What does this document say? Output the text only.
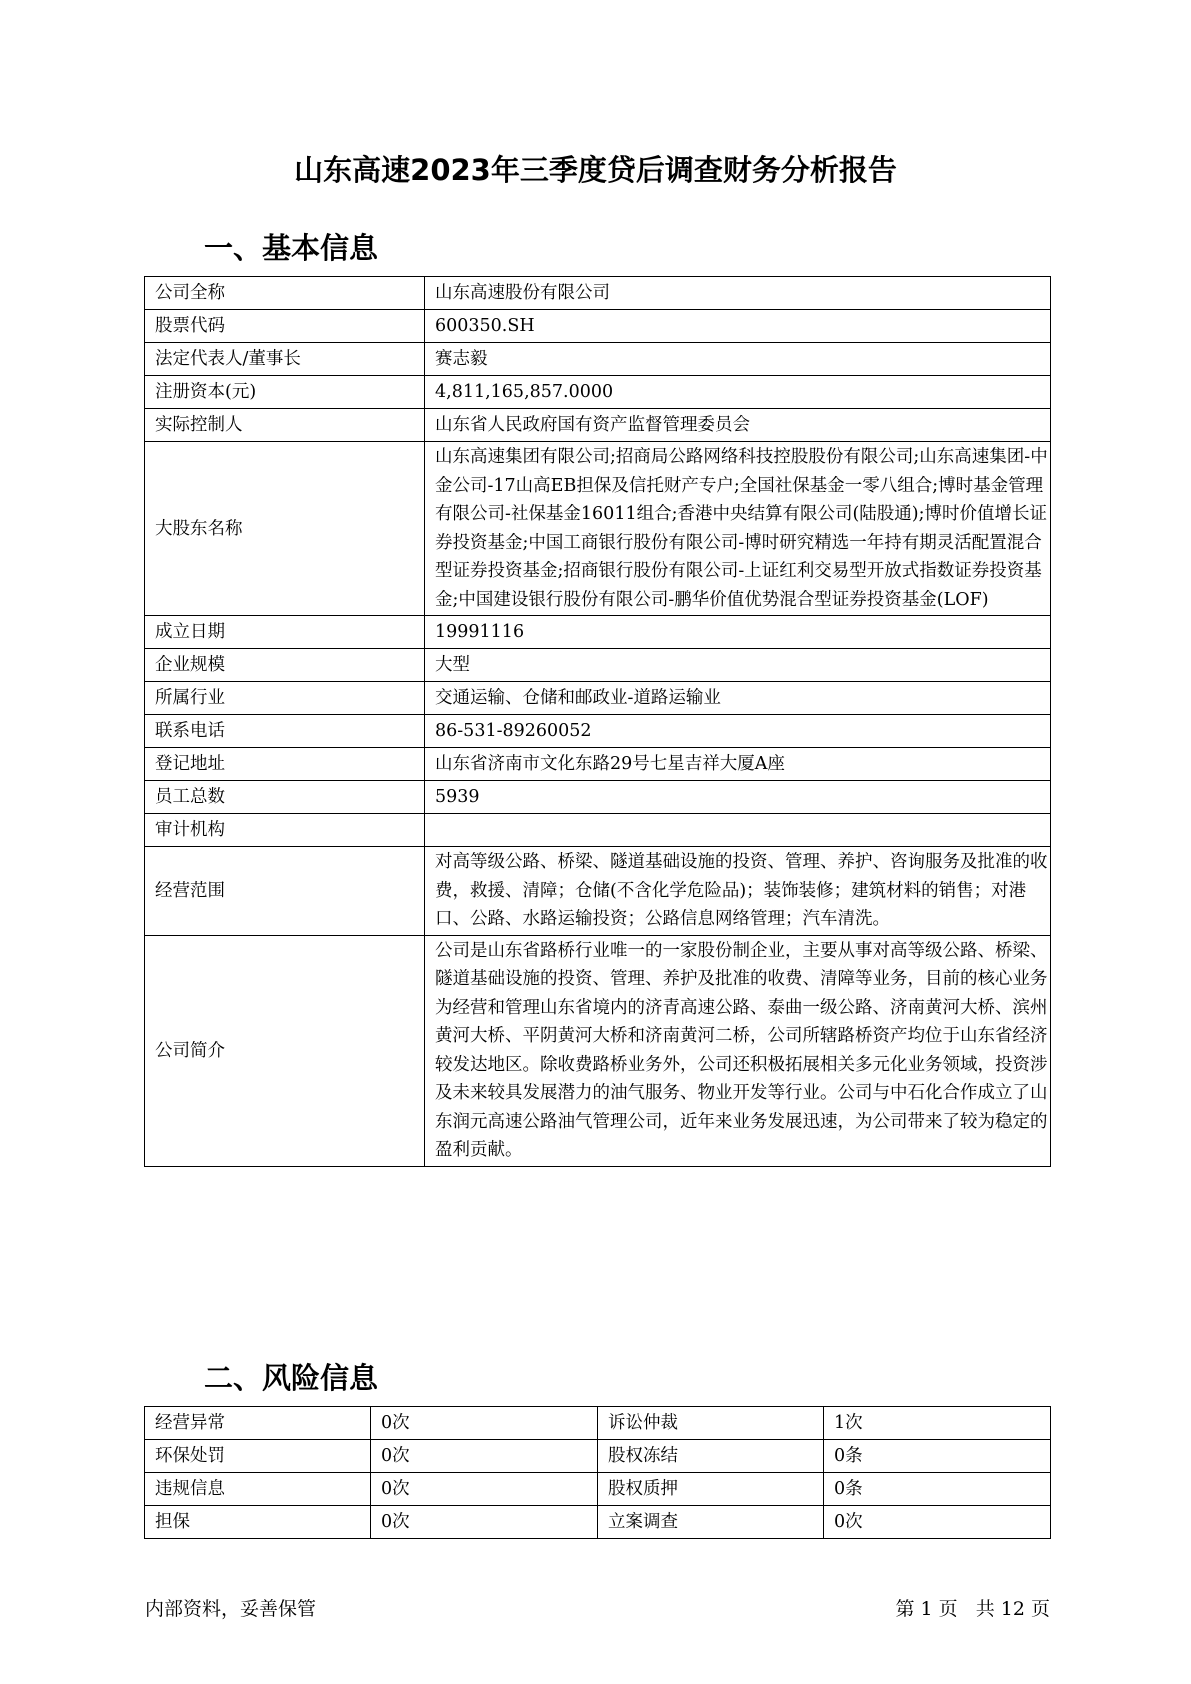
山东高速2023年三季度贷后调查财务分析报告
一、基本信息
公司全称	山东高速股份有限公司
股票代码	600350.SH
法定代表人/董事长	赛志毅
注册资本(元)	4,811,165,857.0000
实际控制人	山东省人民政府国有资产监督管理委员会
大股东名称	山东高速集团有限公司;招商局公路网络科技控股股份有限公司;山东高速集团-中金公司-17山高EB担保及信托财产专户;全国社保基金一零八组合;博时基金管理有限公司-社保基金16011组合;香港中央结算有限公司(陆股通);博时价值增长证券投资基金;中国工商银行股份有限公司-博时研究精选一年持有期灵活配置混合型证券投资基金;招商银行股份有限公司-上证红利交易型开放式指数证券投资基金;中国建设银行股份有限公司-鹏华价值优势混合型证券投资基金(LOF)
成立日期	19991116
企业规模	大型
所属行业	交通运输、仓储和邮政业-道路运输业
联系电话	86-531-89260052
登记地址	山东省济南市文化东路29号七星吉祥大厦A座
员工总数	5939
审计机构	
经营范围	对高等级公路、桥梁、隧道基础设施的投资、管理、养护、咨询服务及批准的收费，救援、清障；仓储(不含化学危险品)；装饰装修；建筑材料的销售；对港口、公路、水路运输投资；公路信息网络管理；汽车清洗。
公司简介	公司是山东省路桥行业唯一的一家股份制企业，主要从事对高等级公路、桥梁、隧道基础设施的投资、管理、养护及批准的收费、清障等业务，目前的核心业务为经营和管理山东省境内的济青高速公路、泰曲一级公路、济南黄河大桥、滨州黄河大桥、平阴黄河大桥和济南黄河二桥，公司所辖路桥资产均位于山东省经济较发达地区。除收费路桥业务外，公司还积极拓展相关多元化业务领域，投资涉及未来较具发展潜力的油气服务、物业开发等行业。公司与中石化合作成立了山东润元高速公路油气管理公司，近年来业务发展迅速，为公司带来了较为稳定的盈利贡献。
二、风险信息
经营异常	0次	诉讼仲裁	1次
环保处罚	0次	股权冻结	0条
违规信息	0次	股权质押	0条
担保	0次	立案调查	0次
内部资料，妥善保管	第 1 页 共 12 页
